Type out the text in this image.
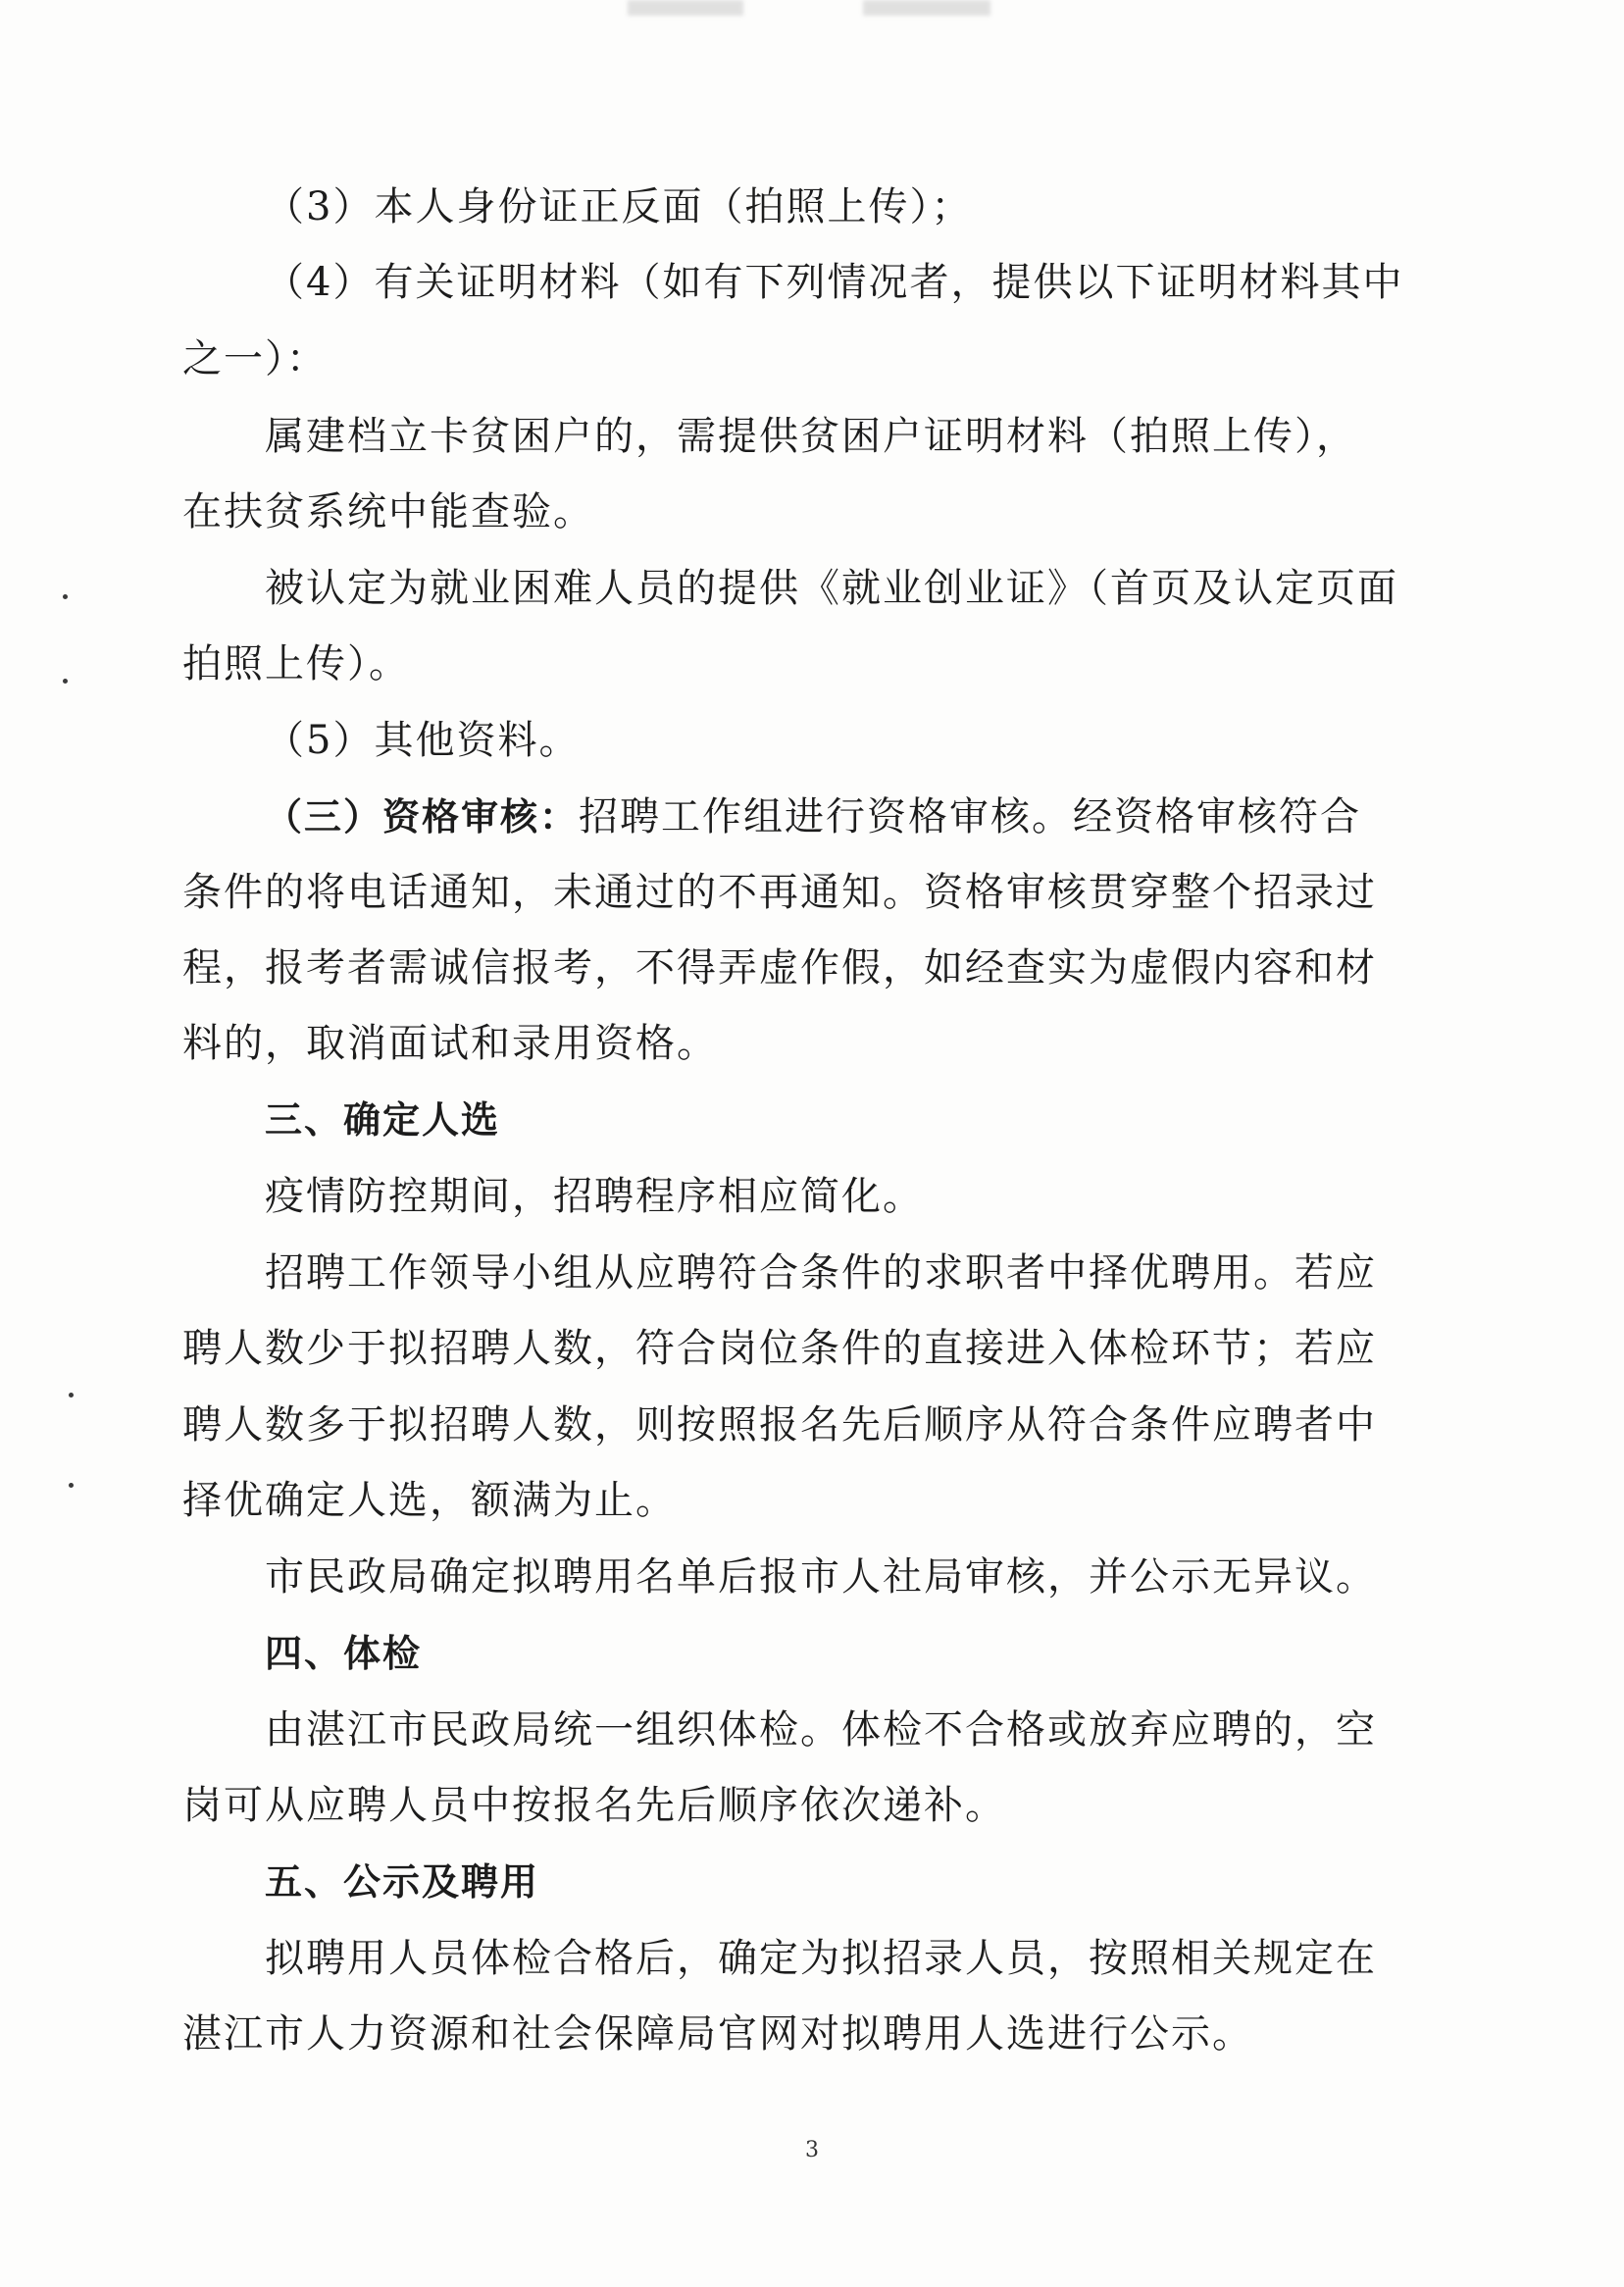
（3）本人身份证正反面（拍照上传）；
（4）有关证明材料（如有下列情况者，提供以下证明材料其中
之一）：
属建档立卡贫困户的，需提供贫困户证明材料（拍照上传），
在扶贫系统中能查验。
被认定为就业困难人员的提供《就业创业证》（首页及认定页面
拍照上传）。
（5）其他资料。
（三）资格审核：招聘工作组进行资格审核。经资格审核符合
条件的将电话通知，未通过的不再通知。资格审核贯穿整个招录过
程，报考者需诚信报考，不得弄虚作假，如经查实为虚假内容和材
料的，取消面试和录用资格。
三、确定人选
疫情防控期间，招聘程序相应简化。
招聘工作领导小组从应聘符合条件的求职者中择优聘用。若应
聘人数少于拟招聘人数，符合岗位条件的直接进入体检环节；若应
聘人数多于拟招聘人数，则按照报名先后顺序从符合条件应聘者中
择优确定人选，额满为止。
市民政局确定拟聘用名单后报市人社局审核，并公示无异议。
四、体检
由湛江市民政局统一组织体检。体检不合格或放弃应聘的，空
岗可从应聘人员中按报名先后顺序依次递补。
五、公示及聘用
拟聘用人员体检合格后，确定为拟招录人员，按照相关规定在
湛江市人力资源和社会保障局官网对拟聘用人选进行公示。
3
